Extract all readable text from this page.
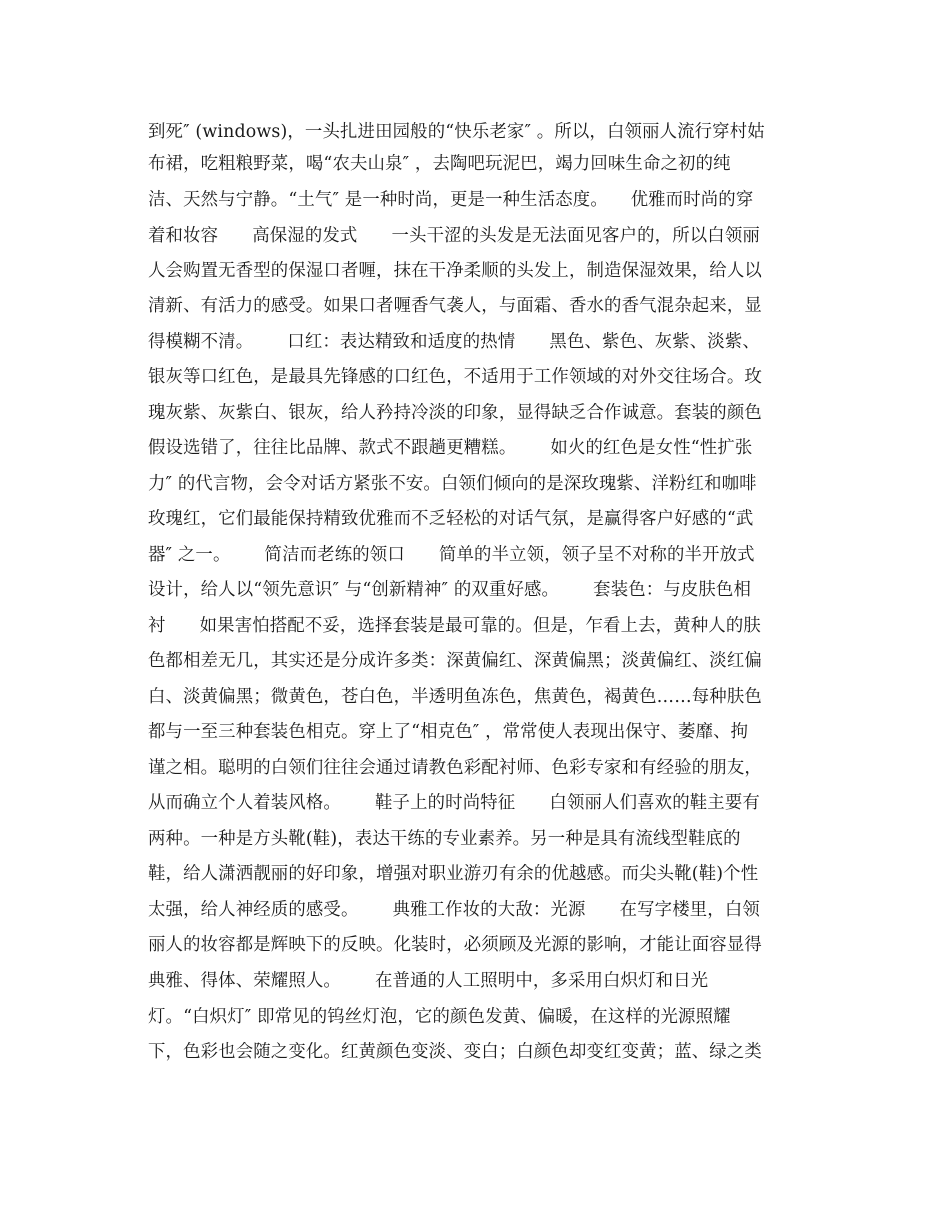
到死″ (windows)，一头扎进田园般的“快乐老家″ 。所以，白领丽人流行穿村姑
布裙，吃粗粮野菜，喝“农夫山泉″ ，去陶吧玩泥巴，竭力回味生命之初的纯
洁、天然与宁静。“土气″ 是一种时尚，更是一种生活态度。    优雅而时尚的穿
着和妆容      高保湿的发式      一头干涩的头发是无法面见客户的，所以白领丽
人会购置无香型的保湿口者喱，抹在干净柔顺的头发上，制造保湿效果，给人以
清新、有活力的感受。如果口者喱香气袭人，与面霜、香水的香气混杂起来，显
得模糊不清。      口红：表达精致和适度的热情      黑色、紫色、灰紫、淡紫、
银灰等口红色，是最具先锋感的口红色，不适用于工作领域的对外交往场合。玫
瑰灰紫、灰紫白、银灰，给人矜持冷淡的印象，显得缺乏合作诚意。套装的颜色
假设选错了，往往比品牌、款式不跟趟更糟糕。      如火的红色是女性“性扩张
力″ 的代言物，会令对话方紧张不安。白领们倾向的是深玫瑰紫、洋粉红和咖啡
玫瑰红，它们最能保持精致优雅而不乏轻松的对话气氛，是赢得客户好感的“武
器″ 之一。      简洁而老练的领口      简单的半立领，领子呈不对称的半开放式
设计，给人以“领先意识″ 与“创新精神″ 的双重好感。      套装色：与皮肤色相
衬      如果害怕搭配不妥，选择套装是最可靠的。但是，乍看上去，黄种人的肤
色都相差无几，其实还是分成许多类：深黄偏红、深黄偏黑；淡黄偏红、淡红偏
白、淡黄偏黑；微黄色，苍白色，半透明鱼冻色，焦黄色，褐黄色……每种肤色
都与一至三种套装色相克。穿上了“相克色″ ，常常使人表现出保守、萎靡、拘
谨之相。聪明的白领们往往会通过请教色彩配衬师、色彩专家和有经验的朋友，
从而确立个人着装风格。      鞋子上的时尚特征      白领丽人们喜欢的鞋主要有
两种。一种是方头靴(鞋)，表达干练的专业素养。另一种是具有流线型鞋底的
鞋，给人潇洒靓丽的好印象，增强对职业游刃有余的优越感。而尖头靴(鞋)个性
太强，给人神经质的感受。      典雅工作妆的大敌：光源      在写字楼里，白领
丽人的妆容都是辉映下的反映。化装时，必须顾及光源的影响，才能让面容显得
典雅、得体、荣耀照人。      在普通的人工照明中，多采用白炽灯和日光
灯。“白炽灯″ 即常见的钨丝灯泡，它的颜色发黄、偏暖，在这样的光源照耀
下，色彩也会随之变化。红黄颜色变淡、变白；白颜色却变红变黄；蓝、绿之类
